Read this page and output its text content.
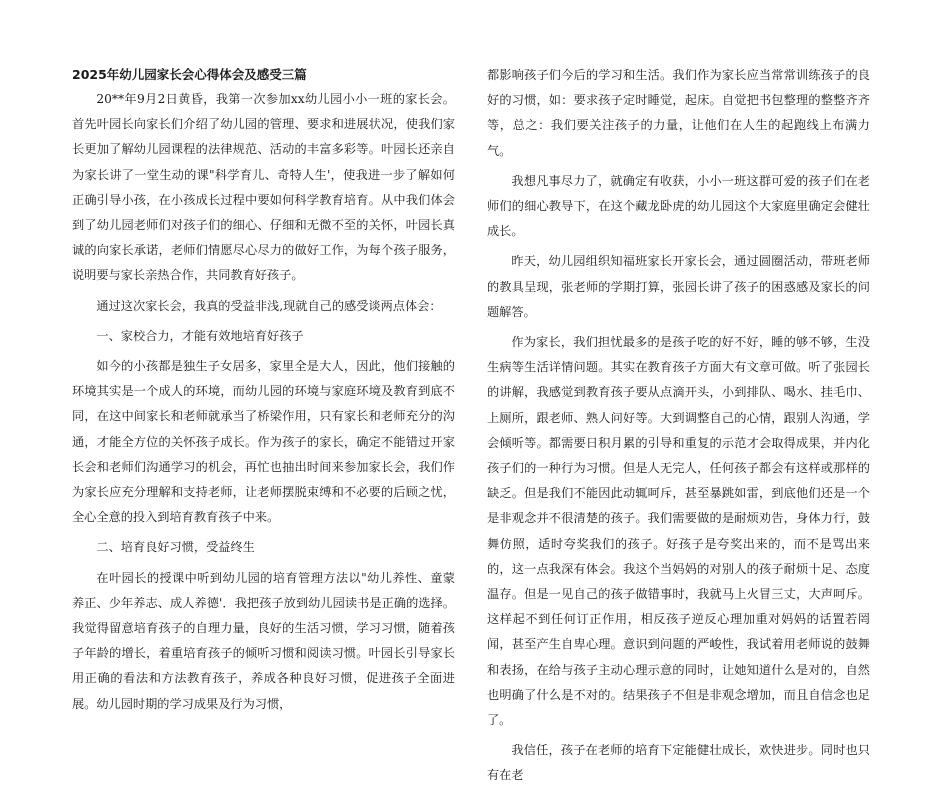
2025年幼儿园家长会心得体会及感受三篇

20**年9月2日黄昏，我第一次参加xx幼儿园小小一班的家长会。首先叶园长向家长们介绍了幼儿园的管理、要求和进展状况，使我们家长更加了解幼儿园课程的法律规范、活动的丰富多彩等。叶园长还亲自为家长讲了一堂生动的课"科学育儿、奇特人生'，使我进一步了解如何正确引导小孩，在小孩成长过程中要如何科学教育培育。从中我们体会到了幼儿园老师们对孩子们的细心、仔细和无微不至的关怀，叶园长真诚的向家长承诺，老师们情愿尽心尽力的做好工作，为每个孩子服务，说明要与家长亲热合作，共同教育好孩子。

通过这次家长会，我真的受益非浅,现就自己的感受谈两点体会：

一、家校合力，才能有效地培育好孩子

如今的小孩都是独生子女居多，家里全是大人，因此，他们接触的环境其实是一个成人的环境，而幼儿园的环境与家庭环境及教育到底不同，在这中间家长和老师就承当了桥梁作用，只有家长和老师充分的沟通，才能全方位的关怀孩子成长。作为孩子的家长，确定不能错过开家长会和老师们沟通学习的机会，再忙也抽出时间来参加家长会，我们作为家长应充分理解和支持老师，让老师摆脱束缚和不必要的后顾之忧，全心全意的投入到培育教育孩子中来。

二、培育良好习惯，受益终生

在叶园长的授课中听到幼儿园的培育管理方法以"幼儿养性、童蒙养正、少年养志、成人养德'．我把孩子放到幼儿园读书是正确的选择。我觉得留意培育孩子的自理力量，良好的生活习惯，学习习惯，随着孩子年龄的增长，着重培育孩子的倾听习惯和阅读习惯。叶园长引导家长用正确的看法和方法教育孩子，养成各种良好习惯，促进孩子全面进展。幼儿园时期的学习成果及行为习惯，

都影响孩子们今后的学习和生活。我们作为家长应当常常训练孩子的良好的习惯，如：要求孩子定时睡觉，起床。自觉把书包整理的整整齐齐等，总之：我们要关注孩子的力量，让他们在人生的起跑线上布满力气。

我想凡事尽力了，就确定有收获，小小一班这群可爱的孩子们在老师们的细心教导下，在这个藏龙卧虎的幼儿园这个大家庭里确定会健壮成长。

昨天，幼儿园组织知福班家长开家长会，通过圆圈活动，带班老师的教具呈现，张老师的学期打算，张园长讲了孩子的困惑感及家长的问题解答。

作为家长，我们担忧最多的是孩子吃的好不好，睡的够不够，生没生病等生活详情问题。其实在教育孩子方面大有文章可做。听了张园长的讲解，我感觉到教育孩子要从点滴开头，小到排队、喝水、挂毛巾、上厕所，跟老师、熟人问好等。大到调整自己的心情，跟别人沟通，学会倾听等。都需要日积月累的引导和重复的示范才会取得成果，并内化孩子们的一种行为习惯。但是人无完人，任何孩子都会有这样或那样的缺乏。但是我们不能因此动辄呵斥，甚至暴跳如雷，到底他们还是一个是非观念并不很清楚的孩子。我们需要做的是耐烦劝告，身体力行，鼓舞仿照，适时夸奖我们的孩子。好孩子是夸奖出来的，而不是骂出来的，这一点我深有体会。我这个当妈妈的对别人的孩子耐烦十足、态度温存。但是一见自己的孩子做错事时，我就马上火冒三丈，大声呵斥。这样起不到任何订正作用，相反孩子逆反心理加重对妈妈的话置若罔闻，甚至产生自卑心理。意识到问题的严峻性，我试着用老师说的鼓舞和表扬，在给与孩子主动心理示意的同时，让她知道什么是对的，自然也明确了什么是不对的。结果孩子不但是非观念增加，而且自信念也足了。

我信任，孩子在老师的培育下定能健壮成长，欢快进步。同时也只有在老
